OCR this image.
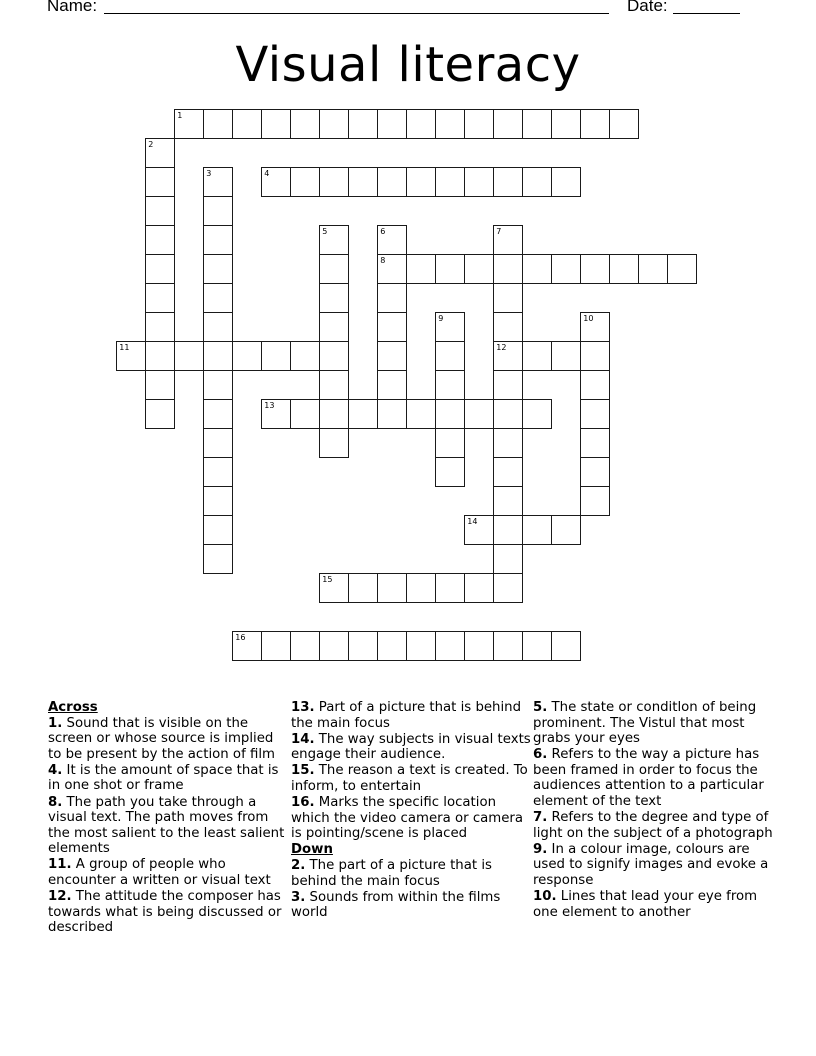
Name:	Date:
Visual literacy
1
2
3	4
5	6
8
7
12
9	10
11
13
14
15
16
Across
1. Sound that is visible on the screen or whose source is implied to be present by the action of film
4. It is the amount of space that is in one shot or frame
8. The path you take through a visual text. The path moves from the most salient to the least salient elements
11. A group of people who encounter a written or visual text
12. The attitude the composer has towards what is being discussed or described
13. Part of a picture that is behind the main focus
14. The way subjects in visual texts engage their audience.
15. The reason a text is created. To inform, to entertain
16. Marks the specific location which the video camera or camera is pointing/scene is placed
Down
2. The part of a picture that is behind the main focus
3. Sounds from within the films world
5. The state or conditlon of being prominent. The Vistul that most grabs your eyes
6. Refers to the way a picture has been framed in order to focus the audiences attention to a particular element of the text
7. Refers to the degree and type of light on the subject of a photograph
9. In a colour image, colours are used to signify images and evoke a response
10. Lines that lead your eye from one element to another
